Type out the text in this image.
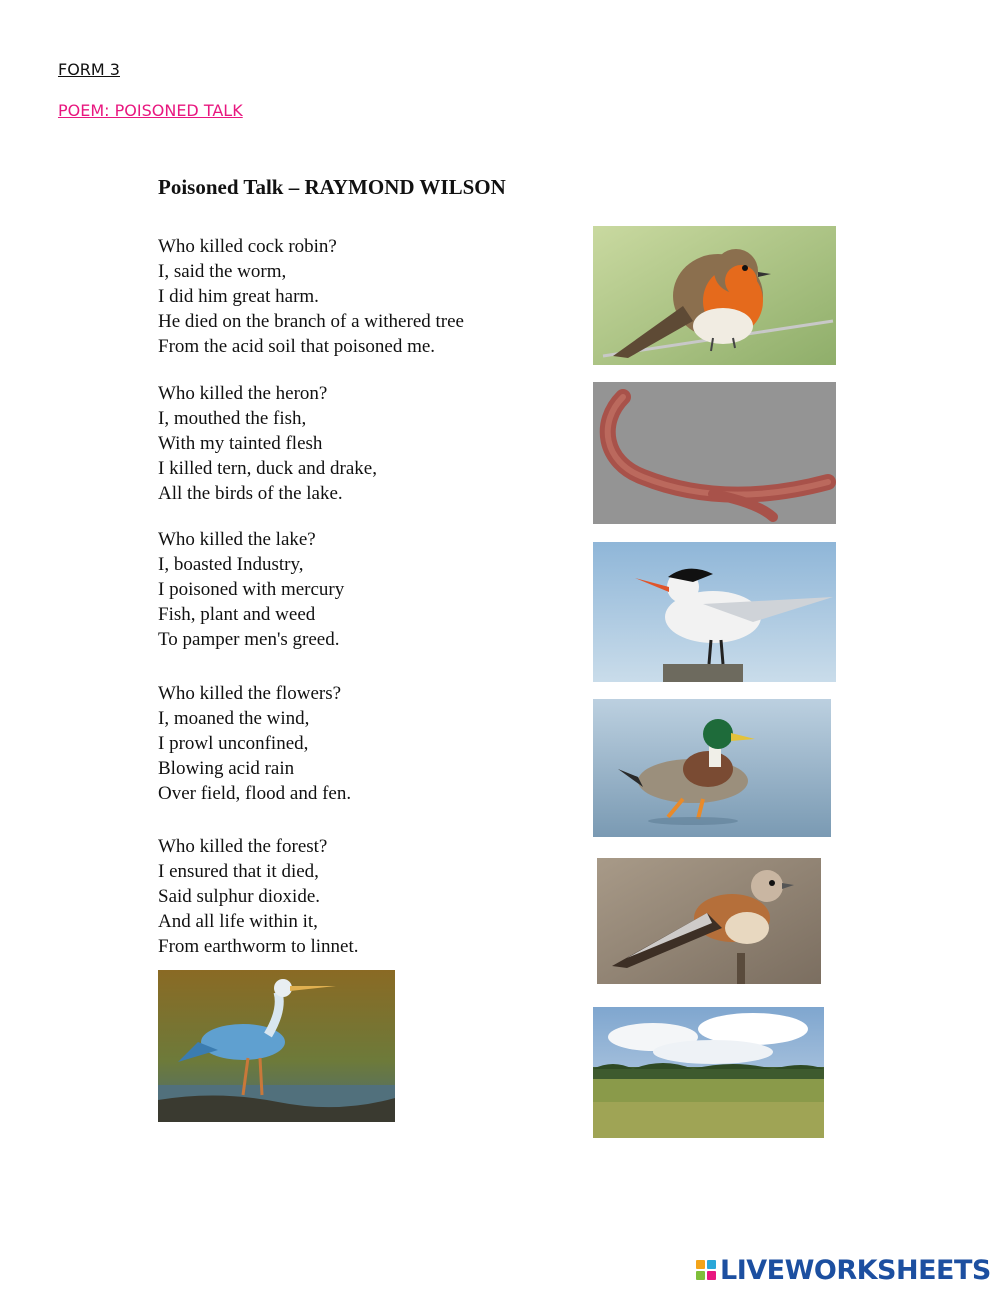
FORM 3
POEM: POISONED TALK
Poisoned Talk – RAYMOND WILSON
Who killed cock robin?
I, said the worm,
I did him great harm.
He died on the branch of a withered tree
From the acid soil that poisoned me.
Who killed the heron?
I, mouthed the fish,
With my tainted flesh
I killed tern, duck and drake,
All the birds of the lake.
Who killed the lake?
I, boasted Industry,
I poisoned with mercury
Fish, plant and weed
To pamper men's greed.
Who killed the flowers?
I, moaned the wind,
I prowl unconfined,
Blowing acid rain
Over field, flood and fen.
Who killed the forest?
I ensured that it died,
Said sulphur dioxide.
And all life within it,
From earthworm to linnet.
LIVEWORKSHEETS
